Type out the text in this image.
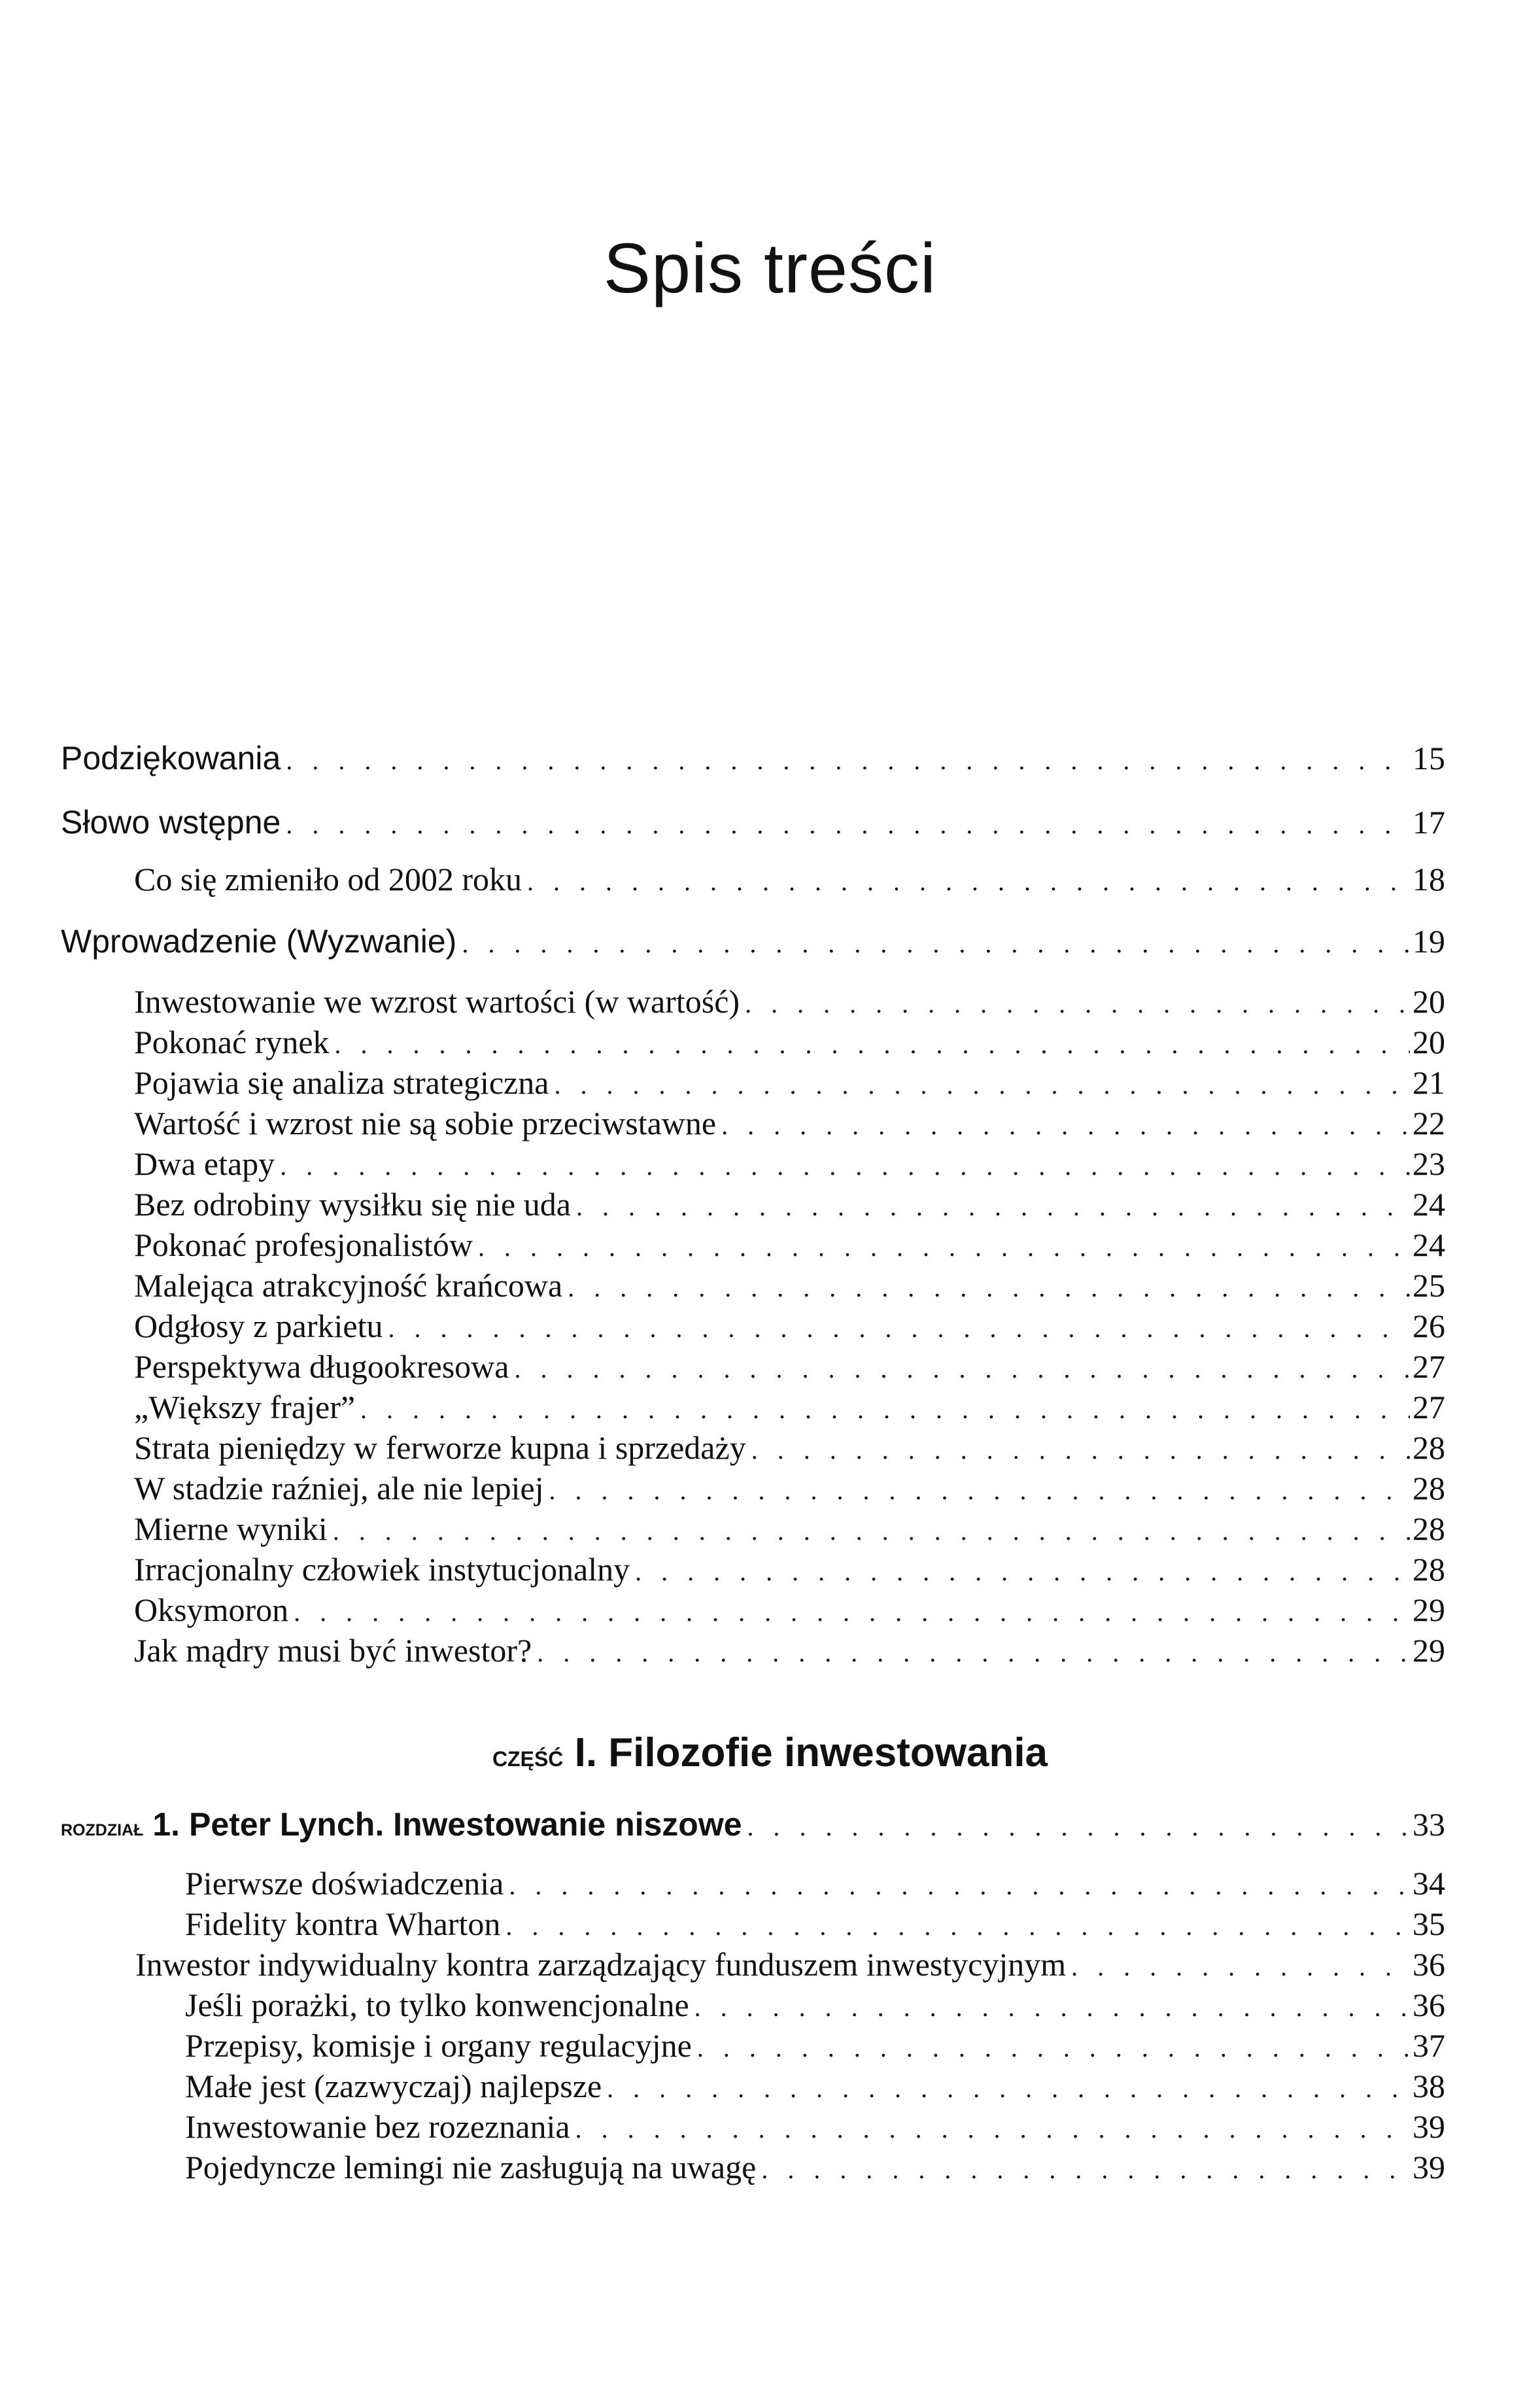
Spis treści
Podziękowania . . .	15
Słowo wstępne . . .	17
Co się zmieniło od 2002 roku . . .	18
Wprowadzenie (Wyzwanie) . . .	19
Inwestowanie we wzrost wartości (w wartość) . . .	20
Pokonać rynek . . .	20
Pojawia się analiza strategiczna . . .	21
Wartość i wzrost nie są sobie przeciwstawne . . .	22
Dwa etapy . . .	23
Bez odrobiny wysiłku się nie uda . . .	24
Pokonać profesjonalistów . . .	24
Malejąca atrakcyjność krańcowa . . .	25
Odgłosy z parkietu . . .	26
Perspektywa długookresowa . . .	27
„Większy frajer” . . .	27
Strata pieniędzy w ferworze kupna i sprzedaży . . .	28
W stadzie raźniej, ale nie lepiej . . .	28
Mierne wyniki . . .	28
Irracjonalny człowiek instytucjonalny . . .	28
Oksymoron . . .	29
Jak mądry musi być inwestor? . . .	29
część I. Filozofie inwestowania
rozdział 1. Peter Lynch. Inwestowanie niszowe . . .	33
Pierwsze doświadczenia . . .	34
Fidelity kontra Wharton . . .	35
Inwestor indywidualny kontra zarządzający funduszem inwestycyjnym . . .	36
Jeśli porażki, to tylko konwencjonalne . . .	36
Przepisy, komisje i organy regulacyjne . . .	37
Małe jest (zazwyczaj) najlepsze . . .	38
Inwestowanie bez rozeznania . . .	39
Pojedyncze lemingi nie zasługują na uwagę . . .	39
